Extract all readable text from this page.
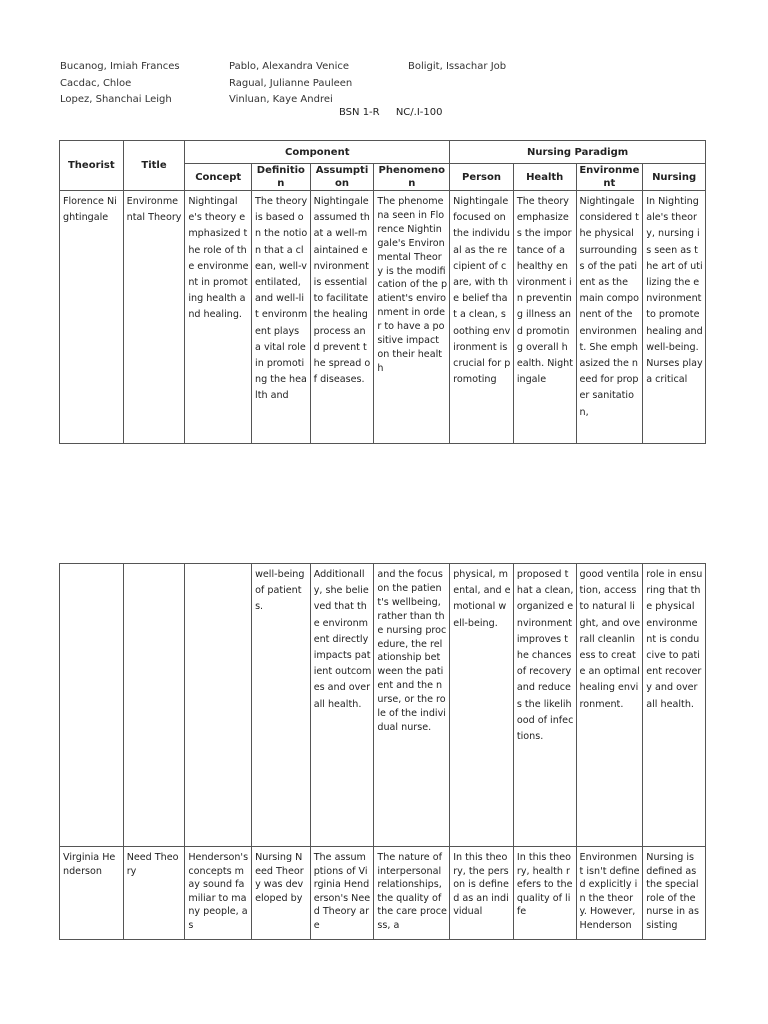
Bucanog, Imiah Frances
Cacdac, Chloe
Lopez, Shanchai Leigh
Pablo, Alexandra Venice
Ragual, Julianne Pauleen
Vinluan, Kaye Andrei
Boligit, Issachar Job
BSN 1-R NC/.I-100
Theorist	Title	Component				Nursing Paradigm			
		Concept	Definition	Assumption	Phenomenon	Person	Health	Environment	Nursing
Florence Nightingale	Environmental Theory	Nightingale's theory emphasized the role of the environment in promoting health and healing.	The theory is based on the notion that a clean, well-ventilated, and well-lit environment plays a vital role in promoting the health and	Nightingale assumed that a well-maintained environment is essential to facilitate the healing process and prevent the spread of diseases.	The phenomena seen in Florence Nightingale's Environmental Theory is the modification of the patient's environment in order to have a positive impact on their health	Nightingale focused on the individual as the recipient of care, with the belief that a clean, soothing environment is crucial for promoting	The theory emphasizes the importance of a healthy environment in preventing illness and promoting overall health. Nightingale	Nightingale considered the physical surroundings of the patient as the main component of the environment. She emphasized the need for proper sanitation,	In Nightingale's theory, nursing is seen as the art of utilizing the environment to promote healing and well-being. Nurses play a critical
			well-being of patients.	Additionally, she believed that the environment directly impacts patient outcomes and overall health.	and the focus on the patient's wellbeing, rather than the nursing procedure, the relationship between the patient and the nurse, or the role of the individual nurse.	physical, mental, and emotional well-being.	proposed that a clean, organized environment improves the chances of recovery and reduces the likelihood of infections.	good ventilation, access to natural light, and overall cleanliness to create an optimal healing environment.	role in ensuring that the physical environment is conducive to patient recovery and overall health.
Virginia Henderson	Need Theory	Henderson's concepts may sound familiar to many people, as	Nursing Need Theory was developed by	The assumptions of Virginia Henderson's Need Theory are	The nature of interpersonal relationships, the quality of the care process, a	In this theory, the person is defined as an individual	In this theory, health refers to the quality of life	Environment isn't defined explicitly in the theory. However, Henderson	Nursing is defined as the special role of the nurse in assisting
